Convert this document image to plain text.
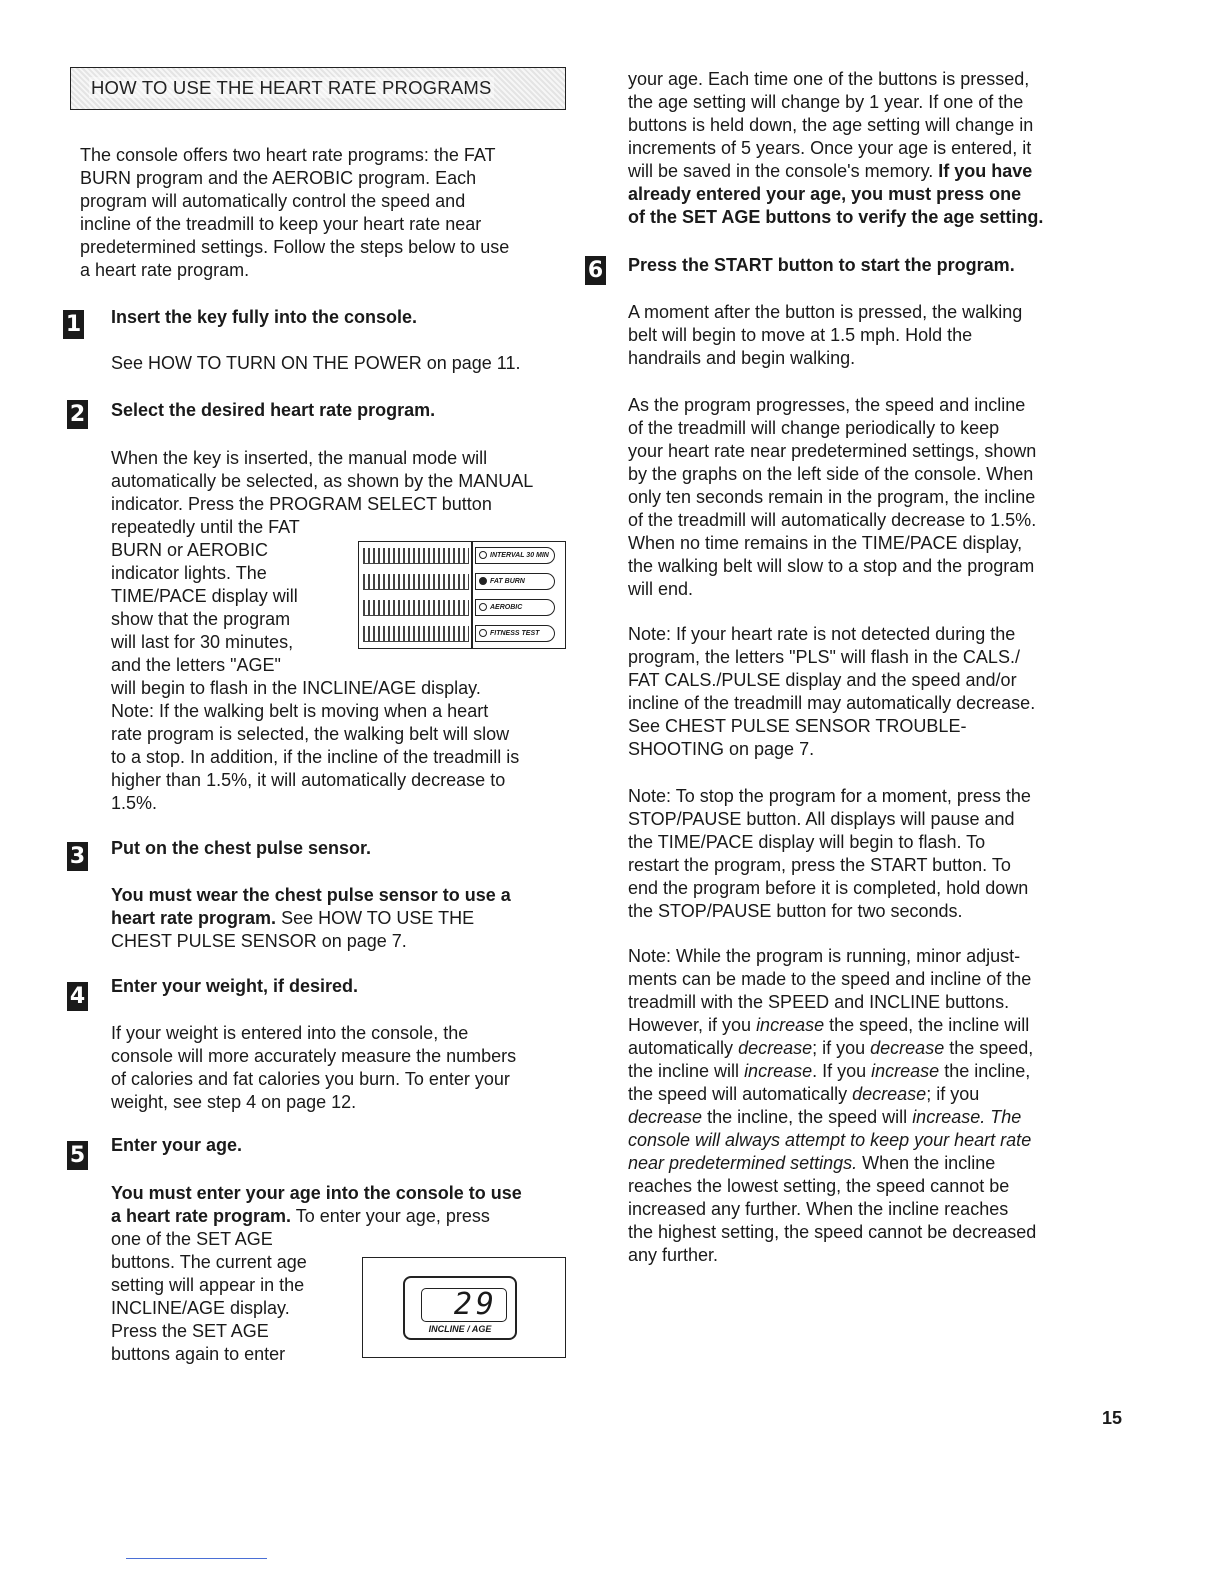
HOW TO USE THE HEART RATE PROGRAMS

The console offers two heart rate programs: the FAT

BURN program and the AEROBIC program. Each

program will automatically control the speed and

incline of the treadmill to keep your heart rate near

predetermined settings. Follow the steps below to use

a heart rate program.

1 Insert the key fully into the console.

See HOW TO TURN ON THE POWER on page 11.

2 Select the desired heart rate program.

When the key is inserted, the manual mode will

automatically be selected, as shown by the MANUAL

indicator. Press the PROGRAM SELECT button

repeatedly until the FAT

BURN or AEROBIC

indicator lights. The

TIME/PACE display will

show that the program

will last for 30 minutes,

and the letters "AGE"

will begin to flash in the INCLINE/AGE display.

Note: If the walking belt is moving when a heart

rate program is selected, the walking belt will slow

to a stop. In addition, if the incline of the treadmill is

higher than 1.5%, it will automatically decrease to

1.5%.

INTERVAL 30 MIN
FAT BURN
AEROBIC
FITNESS TEST
3 Put on the chest pulse sensor.

You must wear the chest pulse sensor to use a

heart rate program. See HOW TO USE THE

CHEST PULSE SENSOR on page 7.

4 Enter your weight, if desired.

If your weight is entered into the console, the

console will more accurately measure the numbers

of calories and fat calories you burn. To enter your

weight, see step 4 on page 12.

5 Enter your age.

You must enter your age into the console to use

a heart rate program. To enter your age, press

one of the SET AGE

buttons. The current age

setting will appear in the

INCLINE/AGE display.

Press the SET AGE

buttons again to enter

29
INCLINE / AGE

your age. Each time one of the buttons is pressed,

the age setting will change by 1 year. If one of the

buttons is held down, the age setting will change in

increments of 5 years. Once your age is entered, it

will be saved in the console's memory. If you have

already entered your age, you must press one

of the SET AGE buttons to verify the age setting.

6 Press the START button to start the program.

A moment after the button is pressed, the walking

belt will begin to move at 1.5 mph. Hold the

handrails and begin walking.

As the program progresses, the speed and incline

of the treadmill will change periodically to keep

your heart rate near predetermined settings, shown

by the graphs on the left side of the console. When

only ten seconds remain in the program, the incline

of the treadmill will automatically decrease to 1.5%.

When no time remains in the TIME/PACE display,

the walking belt will slow to a stop and the program

will end.

Note: If your heart rate is not detected during the

program, the letters "PLS" will flash in the CALS./

FAT CALS./PULSE display and the speed and/or

incline of the treadmill may automatically decrease.

See CHEST PULSE SENSOR TROUBLE-

SHOOTING on page 7.

Note: To stop the program for a moment, press the

STOP/PAUSE button. All displays will pause and

the TIME/PACE display will begin to flash. To

restart the program, press the START button. To

end the program before it is completed, hold down

the STOP/PAUSE button for two seconds.

Note: While the program is running, minor adjust-

ments can be made to the speed and incline of the

treadmill with the SPEED and INCLINE buttons.

However, if you increase the speed, the incline will

automatically decrease; if you decrease the speed,

the incline will increase. If you increase the incline,

the speed will automatically decrease; if you

decrease the incline, the speed will increase. The

console will always attempt to keep your heart rate

near predetermined settings. When the incline

reaches the lowest setting, the speed cannot be

increased any further. When the incline reaches

the highest setting, the speed cannot be decreased

any further.

15
